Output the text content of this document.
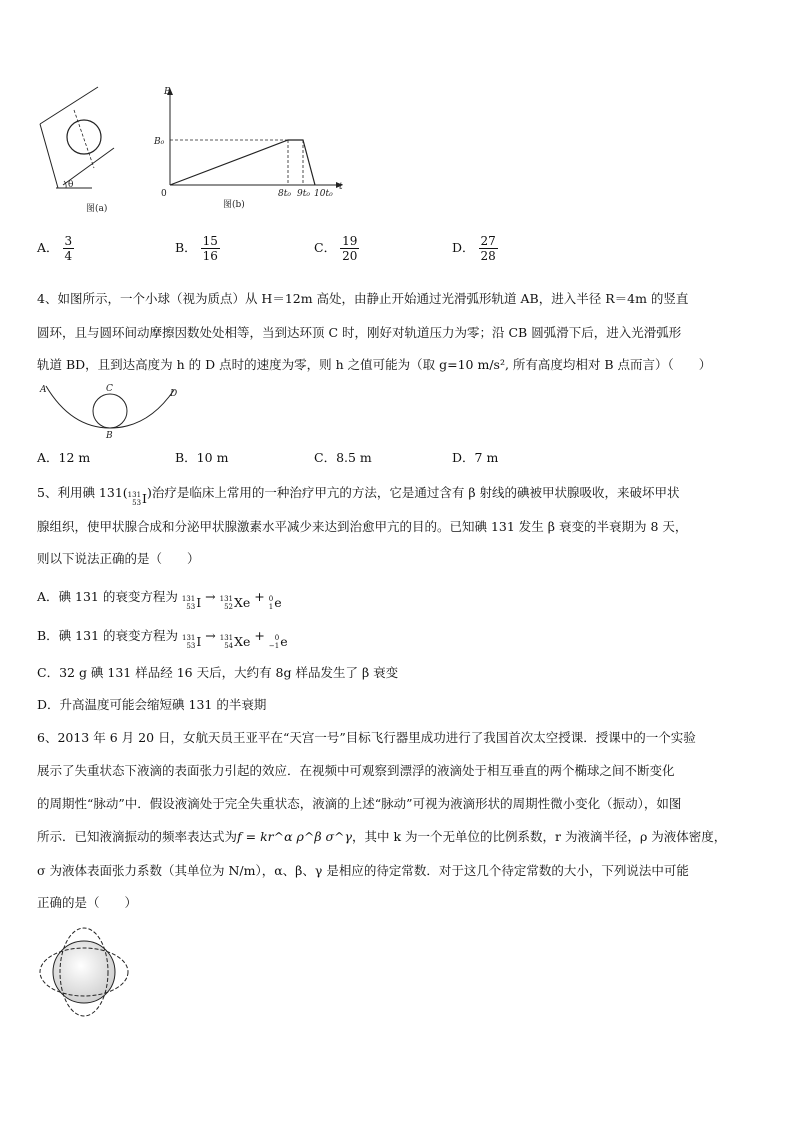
θ
图(a)
B
B₀
0
t
8t₀ 9t₀ 10t₀
图(b)
A． $\frac{3}{4}$	B． $\frac{15}{16}$	C． $\frac{19}{20}$	D． $\frac{27}{28}$
4、如图所示，一个小球（视为质点）从 H＝12m 高处，由静止开始通过光滑弧形轨道 AB，进入半径 R＝4m 的竖直
圆环，且与圆环间动摩擦因数处处相等，当到达环顶 C 时，刚好对轨道压力为零；沿 CB 圆弧滑下后，进入光滑弧形
轨道 BD，且到达高度为 h 的 D 点时的速度为零，则 h 之值可能为（取 g=10 m/s², 所有高度均相对 B 点而言）（　　）
A	C	D
B
A．12 m	B．10 m	C．8.5 m	D．7 m
5、利用碘 131( 131
53 I )治疗是临床上常用的一种治疗甲亢的方法，它是通过含有 β 射线的碘被甲状腺吸收，来破坏甲状
腺组织，使甲状腺合成和分泌甲状腺激素水平减少来达到治愈甲亢的目的。已知碘 131 发生 β 衰变的半衰期为 8 天，
则以下说法正确的是（　　）
A．碘 131 的衰变方程为 131
53 I → 131
52 Xe + 0
1 e
B．碘 131 的衰变方程为 131
53 I → 131
54 Xe +	0
−1 e
C．32 g 碘 131 样品经 16 天后，大约有 8g 样品发生了 β 衰变
D．升高温度可能会缩短碘 131 的半衰期
6、2013 年 6 月 20 日，女航天员王亚平在“天宫一号”目标飞行器里成功进行了我国首次太空授课．授课中的一个实验
展示了失重状态下液滴的表面张力引起的效应．在视频中可观察到漂浮的液滴处于相互垂直的两个椭球之间不断变化
的周期性“脉动”中．假设液滴处于完全失重状态，液滴的上述“脉动”可视为液滴形状的周期性微小变化（振动），如图
所示．已知液滴振动的频率表达式为f = kr^α ρ^β σ^γ，其中 k 为一个无单位的比例系数，r 为液滴半径，ρ 为液体密度，
σ 为液体表面张力系数（其单位为 N/m），α、β、γ 是相应的待定常数．对于这几个待定常数的大小，下列说法中可能
正确的是（　　）
